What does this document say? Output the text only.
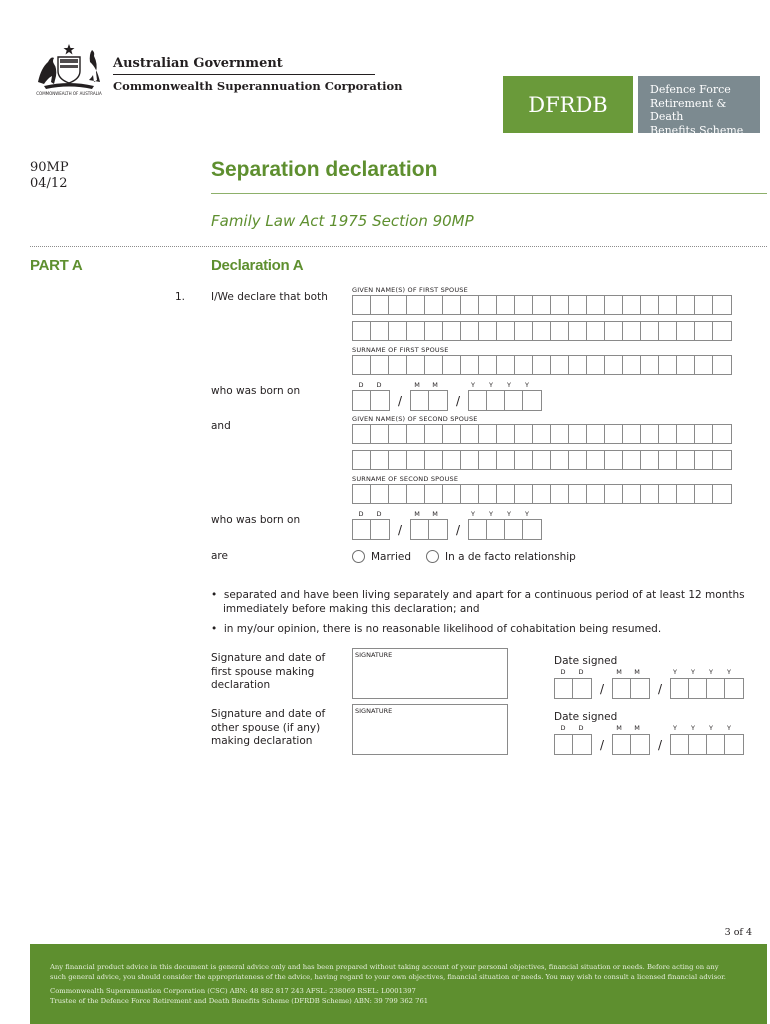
COMMONWEALTH OF AUSTRALIA
Australian Government
Commonwealth Superannuation Corporation
DFRDB
Defence Force
Retirement & Death
Benefits Scheme
90MP
04/12
Separation declaration
Family Law Act 1975 Section 90MP
PART A	Declaration A
1. I/We declare that both
GIVEN NAME(S) OF FIRST SPOUSE
SURNAME OF FIRST SPOUSE
who was born on	D	D	M	M	Y	Y	Y	Y
/	/
and
GIVEN NAME(S) OF SECOND SPOUSE
SURNAME OF SECOND SPOUSE
who was born on	D	D	M	M	Y	Y	Y	Y
/	/
are	Married	In a de facto relationship
•  separated and have been living separately and apart for a continuous period of at least 12 months
immediately before making this declaration; and
•  in my/our opinion, there is no reasonable likelihood of cohabitation being resumed.
Signature and date of
first spouse making
declaration
SIGNATURE	Date signed
D	D	M	M	Y	Y	Y	Y
/	/
Signature and date of
other spouse (if any)
making declaration
SIGNATURE	Date signed
D	D	M	M	Y	Y	Y	Y
/	/
3 of 4

Any financial product advice in this document is general advice only and has been prepared without taking account of your personal objectives, financial situation or needs. Before acting on any

such general advice, you should consider the appropriateness of the advice, having regard to your own objectives, financial situation or needs. You may wish to consult a licensed financial advisor.

Commonwealth Superannuation Corporation (CSC) ABN: 48 882 817 243 AFSL: 238069 RSEL: L0001397

Trustee of the Defence Force Retirement and Death Benefits Scheme (DFRDB Scheme) ABN: 39 799 362 761
